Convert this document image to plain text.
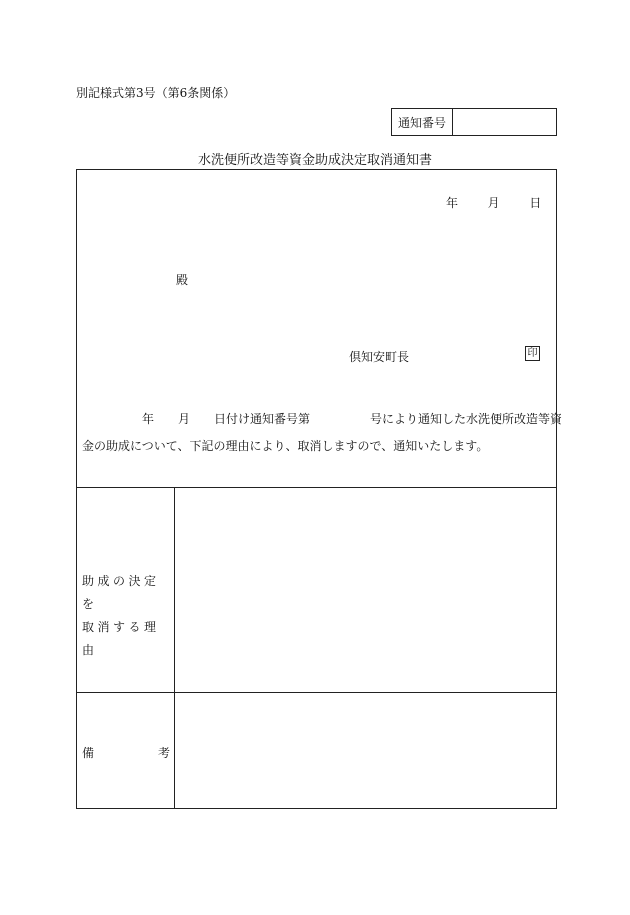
別記様式第3号（第6条関係）
通知番号
水洗便所改造等資金助成決定取消通知書
年 月 日
殿
倶知安町長	印
年　　月　　日付け通知番号第　　　　　号により通知した水洗便所改造等資
金の助成について、下記の理由により、取消しますので、通知いたします。
助成の決定を
取消する理由
備	考
